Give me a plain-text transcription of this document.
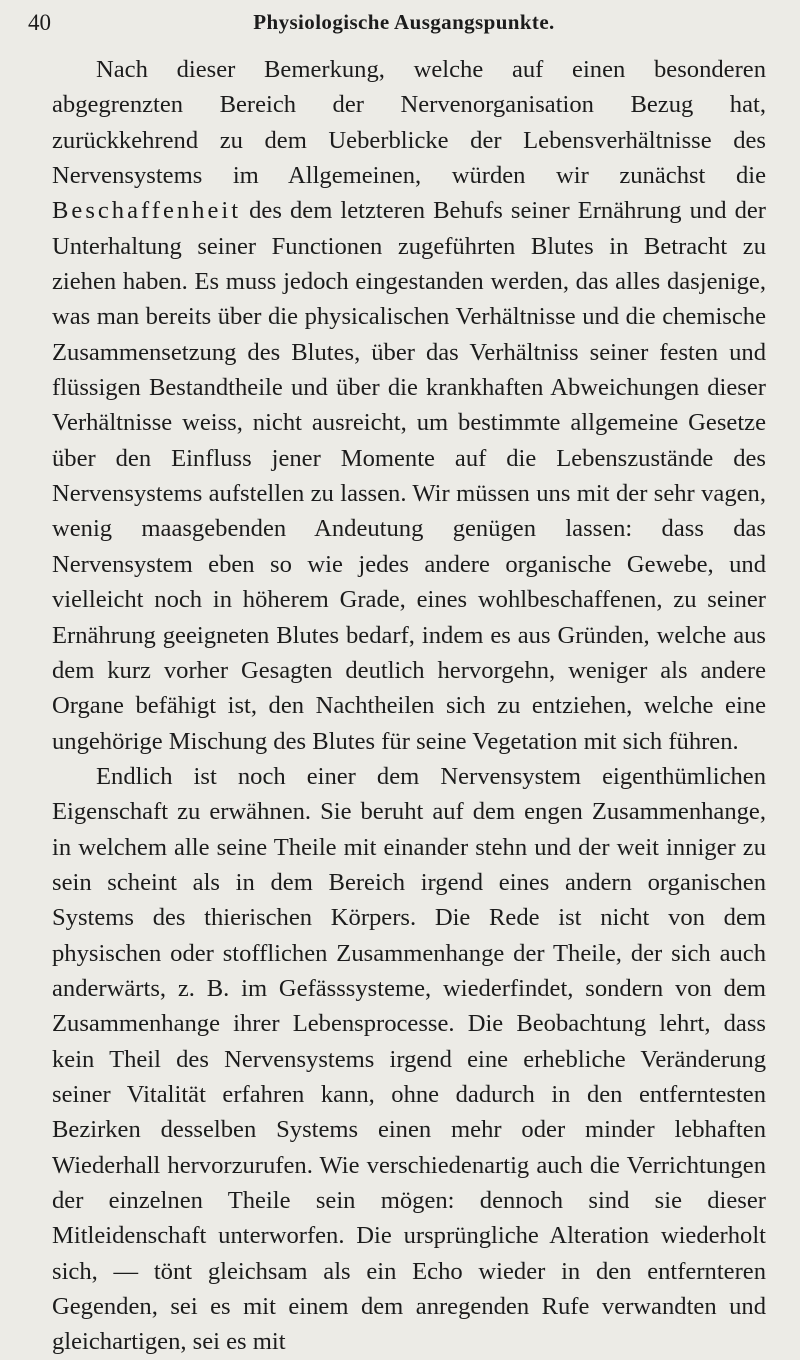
40	Physiologische Ausgangspunkte.

Nach dieser Bemerkung, welche auf einen besonderen abgegrenzten Bereich der Nervenorganisation Bezug hat, zurückkehrend zu dem Ueberblicke der Lebensverhältnisse des Nervensystems im Allgemeinen, würden wir zunächst die Beschaffenheit des dem letzteren Behufs seiner Ernährung und der Unterhaltung seiner Functionen zugeführten Blutes in Betracht zu ziehen haben. Es muss jedoch eingestanden werden, das alles dasjenige, was man bereits über die physicalischen Verhältnisse und die chemische Zusammensetzung des Blutes, über das Verhältniss seiner festen und flüssigen Bestandtheile und über die krankhaften Abweichungen dieser Verhältnisse weiss, nicht ausreicht, um bestimmte allgemeine Gesetze über den Einfluss jener Momente auf die Lebenszustände des Nervensystems aufstellen zu lassen. Wir müssen uns mit der sehr vagen, wenig maasgebenden Andeutung genügen lassen: dass das Nervensystem eben so wie jedes andere organische Gewebe, und vielleicht noch in höherem Grade, eines wohlbeschaffenen, zu seiner Ernährung geeigneten Blutes bedarf, indem es aus Gründen, welche aus dem kurz vorher Gesagten deutlich hervorgehn, weniger als andere Organe befähigt ist, den Nachtheilen sich zu entziehen, welche eine ungehörige Mischung des Blutes für seine Vegetation mit sich führen.

Endlich ist noch einer dem Nervensystem eigenthümlichen Eigenschaft zu erwähnen. Sie beruht auf dem engen Zusammenhange, in welchem alle seine Theile mit einander stehn und der weit inniger zu sein scheint als in dem Bereich irgend eines andern organischen Systems des thierischen Körpers. Die Rede ist nicht von dem physischen oder stofflichen Zusammenhange der Theile, der sich auch anderwärts, z. B. im Gefässsysteme, wiederfindet, sondern von dem Zusammenhange ihrer Lebensprocesse. Die Beobachtung lehrt, dass kein Theil des Nervensystems irgend eine erhebliche Veränderung seiner Vitalität erfahren kann, ohne dadurch in den entferntesten Bezirken desselben Systems einen mehr oder minder lebhaften Wiederhall hervorzurufen. Wie verschiedenartig auch die Verrichtungen der einzelnen Theile sein mögen: dennoch sind sie dieser Mitleidenschaft unterworfen. Die ursprüngliche Alteration wiederholt sich, — tönt gleichsam als ein Echo wieder in den entfernteren Gegenden, sei es mit einem dem anregenden Rufe verwandten und gleichartigen, sei es mit
